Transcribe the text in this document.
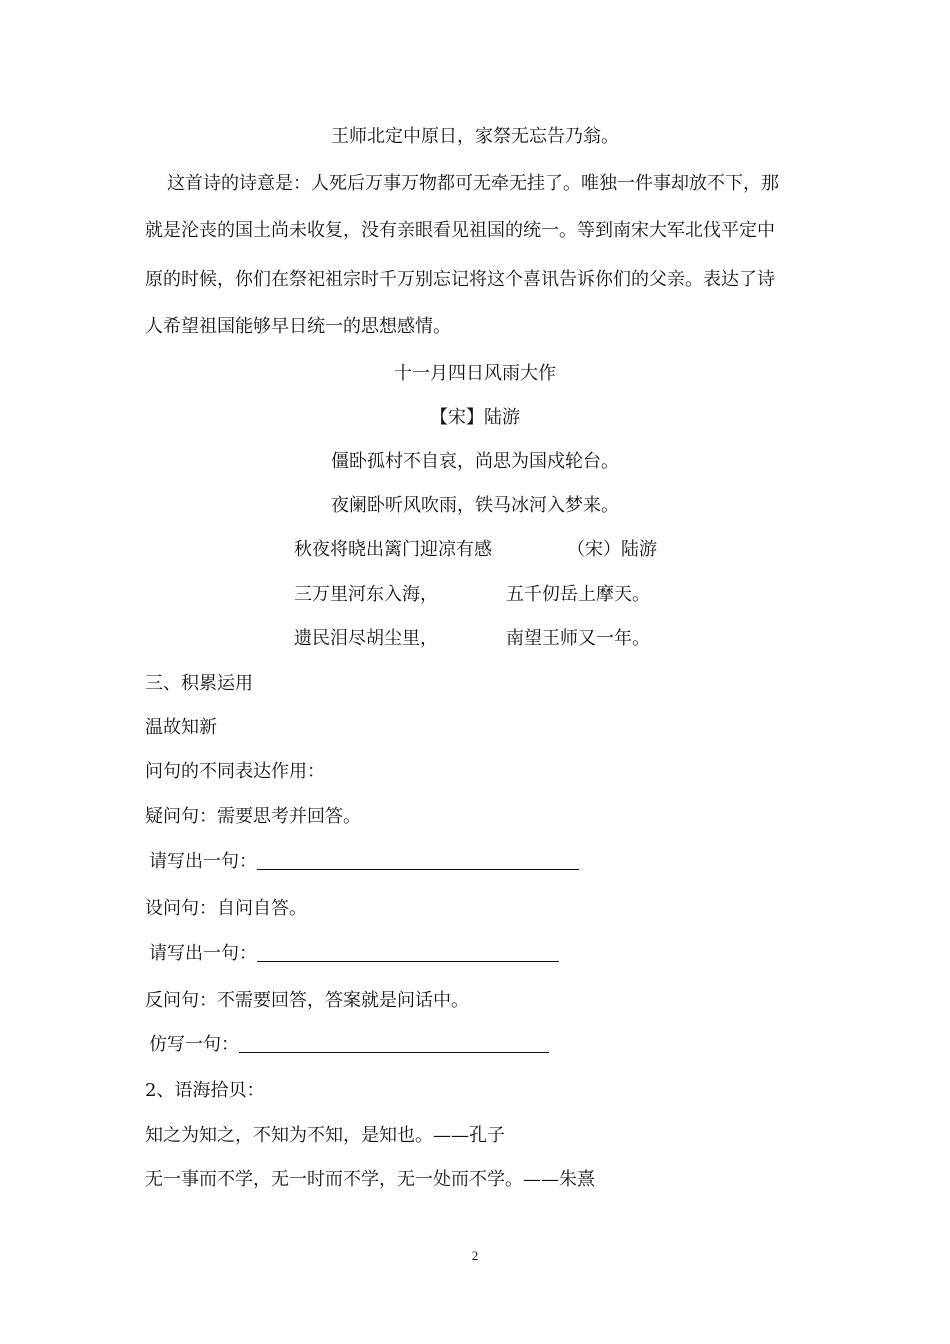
王师北定中原日，家祭无忘告乃翁。
这首诗的诗意是：人死后万事万物都可无牵无挂了。唯独一件事却放不下，那
就是沦丧的国土尚未收复，没有亲眼看见祖国的统一。等到南宋大军北伐平定中
原的时候，你们在祭祀祖宗时千万别忘记将这个喜讯告诉你们的父亲。表达了诗
人希望祖国能够早日统一的思想感情。
十一月四日风雨大作
【宋】陆游
僵卧孤村不自哀，尚思为国戍轮台。
夜阑卧听风吹雨，铁马冰河入梦来。
秋夜将晓出篱门迎凉有感	（宋）陆游
三万里河东入海，	五千仞岳上摩天。
遗民泪尽胡尘里，	南望王师又一年。
三、积累运用
温故知新
问句的不同表达作用：
疑问句：需要思考并回答。
请写出一句：
设问句：自问自答。
请写出一句：
反问句：不需要回答，答案就是问话中。
仿写一句：
2、语海拾贝：
知之为知之，不知为不知，是知也。——孔子
无一事而不学，无一时而不学，无一处而不学。——朱熹
2
